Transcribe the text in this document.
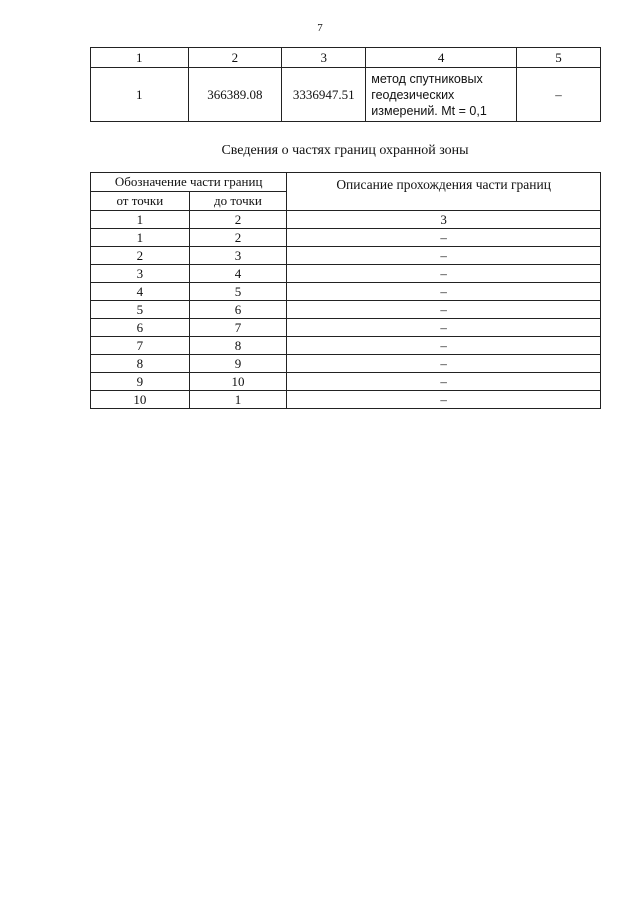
7
1	2	3	4	5
1	366389.08	3336947.51	метод спутниковых
геодезических
измерений. Mt = 0,1	–
Сведения о частях границ охранной зоны
Обозначение части границ		Описание прохождения части границ
от точки	до точки	
1	2	3
1	2	–
2	3	–
3	4	–
4	5	–
5	6	–
6	7	–
7	8	–
8	9	–
9	10	–
10	1	–
